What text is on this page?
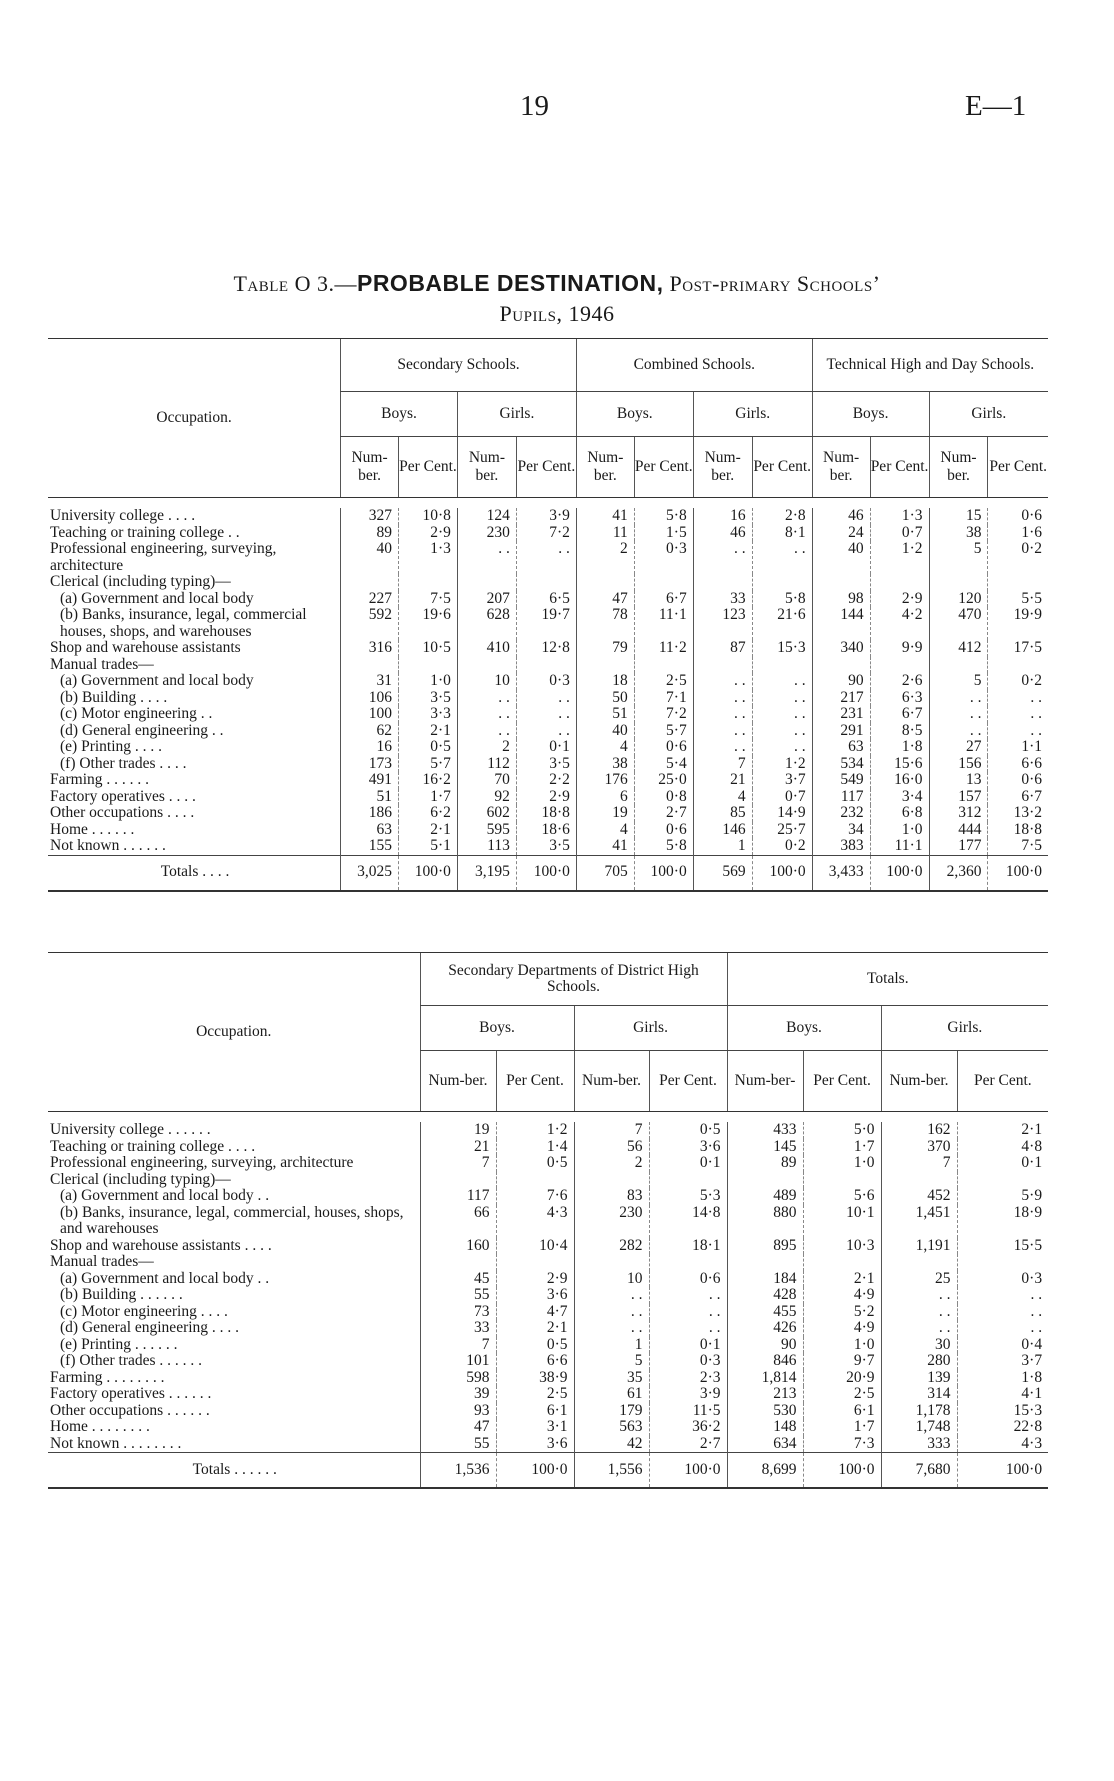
19	E—1
Table O 3.—PROBABLE DESTINATION, Post-primary Schools’
Pupils, 1946
Occupation.	Secondary Schools.				Combined Schools.				Technical High and Day Schools.			
	Boys.		Girls.		Boys.		Girls.		Boys.		Girls.	
	Num-ber.	Per Cent.	Num-ber.	Per Cent.	Num-ber.	Per Cent.	Num-ber.	Per Cent.	Num-ber.	Per Cent.	Num-ber.	Per Cent.

University college . . . .	327	10·8	124	3·9	41	5·8	16	2·8	46	1·3	15	0·6
Teaching or training college . .	89	2·9	230	7·2	11	1·5	46	8·1	24	0·7	38	1·6
Professional engineering, surveying, architecture	40	1·3	. .	. .	2	0·3	. .	. .	40	1·2	5	0·2
Clerical (including typing)—												
(a) Government and local body	227	7·5	207	6·5	47	6·7	33	5·8	98	2·9	120	5·5
(b) Banks, insurance, legal, commercial houses, shops, and warehouses	592	19·6	628	19·7	78	11·1	123	21·6	144	4·2	470	19·9
Shop and warehouse assistants	316	10·5	410	12·8	79	11·2	87	15·3	340	9·9	412	17·5
Manual trades—												
(a) Government and local body	31	1·0	10	0·3	18	2·5	. .	. .	90	2·6	5	0·2
(b) Building . . . .	106	3·5	. .	. .	50	7·1	. .	. .	217	6·3	. .	. .
(c) Motor engineering . .	100	3·3	. .	. .	51	7·2	. .	. .	231	6·7	. .	. .
(d) General engineering . .	62	2·1	. .	. .	40	5·7	. .	. .	291	8·5	. .	. .
(e) Printing . . . .	16	0·5	2	0·1	4	0·6	. .	. .	63	1·8	27	1·1
(f) Other trades . . . .	173	5·7	112	3·5	38	5·4	7	1·2	534	15·6	156	6·6
Farming . . . . . .	491	16·2	70	2·2	176	25·0	21	3·7	549	16·0	13	0·6
Factory operatives . . . .	51	1·7	92	2·9	6	0·8	4	0·7	117	3·4	157	6·7
Other occupations . . . .	186	6·2	602	18·8	19	2·7	85	14·9	232	6·8	312	13·2
Home . . . . . .	63	2·1	595	18·6	4	0·6	146	25·7	34	1·0	444	18·8
Not known . . . . . .	155	5·1	113	3·5	41	5·8	1	0·2	383	11·1	177	7·5
Totals . . . .	3,025	100·0	3,195	100·0	705	100·0	569	100·0	3,433	100·0	2,360	100·0
Occupation.	Secondary Departments of District High Schools.				Totals.			
	Boys.		Girls.		Boys.		Girls.	
	Num-ber.	Per Cent.	Num-ber.	Per Cent.	Num-ber-	Per Cent.	Num-ber.	Per Cent.

University college . . . . . .	19	1·2	7	0·5	433	5·0	162	2·1
Teaching or training college . . . .	21	1·4	56	3·6	145	1·7	370	4·8
Professional engineering, surveying, architecture	7	0·5	2	0·1	89	1·0	7	0·1
Clerical (including typing)—								
(a) Government and local body . .	117	7·6	83	5·3	489	5·6	452	5·9
(b) Banks, insurance, legal, commercial, houses, shops, and warehouses	66	4·3	230	14·8	880	10·1	1,451	18·9
Shop and warehouse assistants . . . .	160	10·4	282	18·1	895	10·3	1,191	15·5
Manual trades—								
(a) Government and local body . .	45	2·9	10	0·6	184	2·1	25	0·3
(b) Building . . . . . .	55	3·6	. .	. .	428	4·9	. .	. .
(c) Motor engineering . . . .	73	4·7	. .	. .	455	5·2	. .	. .
(d) General engineering . . . .	33	2·1	. .	. .	426	4·9	. .	. .
(e) Printing . . . . . .	7	0·5	1	0·1	90	1·0	30	0·4
(f) Other trades . . . . . .	101	6·6	5	0·3	846	9·7	280	3·7
Farming . . . . . . . .	598	38·9	35	2·3	1,814	20·9	139	1·8
Factory operatives . . . . . .	39	2·5	61	3·9	213	2·5	314	4·1
Other occupations . . . . . .	93	6·1	179	11·5	530	6·1	1,178	15·3
Home . . . . . . . .	47	3·1	563	36·2	148	1·7	1,748	22·8
Not known . . . . . . . .	55	3·6	42	2·7	634	7·3	333	4·3
Totals . . . . . .	1,536	100·0	1,556	100·0	8,699	100·0	7,680	100·0
